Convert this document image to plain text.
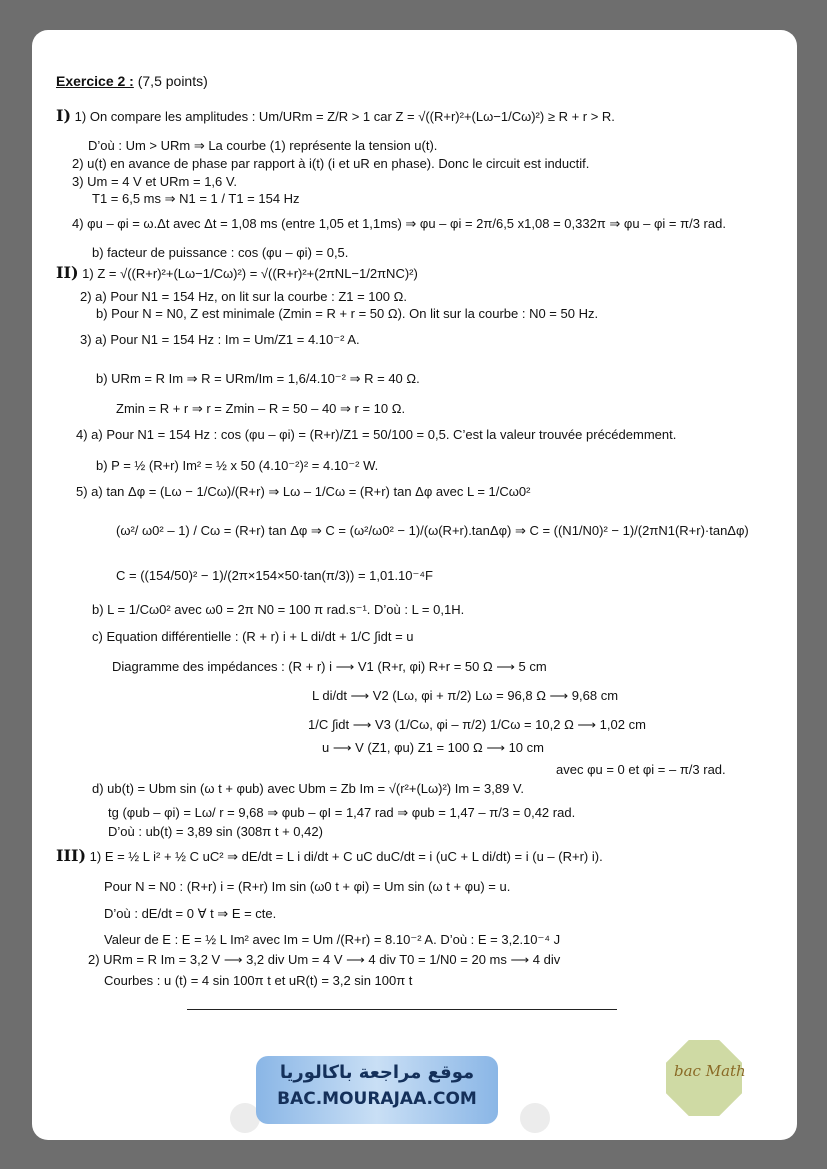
Exercice 2 : (7,5 points)
I) 1) On compare les amplitudes : Um/URm = Z/R > 1 car Z = √((R+r)²+(Lω−1/Cω)²) ≥ R + r > R.
D’où : Um > URm ⇒ La courbe (1) représente la tension u(t).
2) u(t) en avance de phase par rapport à i(t) (i et uR en phase). Donc le circuit est inductif.
3) Um = 4 V et URm = 1,6 V.
T1 = 6,5 ms ⇒ N1 = 1 / T1 = 154 Hz
4) φu – φi = ω.Δt avec Δt = 1,08 ms (entre 1,05 et 1,1ms) ⇒ φu – φi = 2π/6,5 x1,08 = 0,332π ⇒ φu – φi = π/3 rad.
b) facteur de puissance : cos (φu – φi) = 0,5.
II) 1) Z = √((R+r)²+(Lω−1/Cω)²) = √((R+r)²+(2πNL−1/2πNC)²)
2) a) Pour N1 = 154 Hz, on lit sur la courbe : Z1 = 100 Ω.
b) Pour N = N0, Z est minimale (Zmin = R + r = 50 Ω). On lit sur la courbe : N0 = 50 Hz.
3) a) Pour N1 = 154 Hz : Im = Um/Z1 = 4.10⁻² A.
b) URm = R Im ⇒ R = URm/Im = 1,6/4.10⁻² ⇒ R = 40 Ω.
Zmin = R + r ⇒ r = Zmin – R = 50 – 40 ⇒ r = 10 Ω.
4) a) Pour N1 = 154 Hz : cos (φu – φi) = (R+r)/Z1 = 50/100 = 0,5. C’est la valeur trouvée précédemment.
b) P = ½ (R+r) Im² = ½ x 50 (4.10⁻²)² = 4.10⁻² W.
5) a) tan Δφ = (Lω − 1/Cω)/(R+r) ⇒ Lω – 1/Cω = (R+r) tan Δφ avec L = 1/Cω0²
(ω²/ ω0² – 1) / Cω = (R+r) tan Δφ ⇒ C = (ω²/ω0² − 1)/(ω(R+r).tanΔφ) ⇒ C = ((N1/N0)² − 1)/(2πN1(R+r)·tanΔφ)
C = ((154/50)² − 1)/(2π×154×50·tan(π/3)) = 1,01.10⁻⁴F
b) L = 1/Cω0² avec ω0 = 2π N0 = 100 π rad.s⁻¹. D’où : L = 0,1H.
c) Equation différentielle : (R + r) i + L di/dt + 1/C ∫idt = u
Diagramme des impédances : (R + r) i ⟶ V1 (R+r, φi) R+r = 50 Ω ⟶ 5 cm
L di/dt ⟶ V2 (Lω, φi + π/2) Lω = 96,8 Ω ⟶ 9,68 cm
1/C ∫idt ⟶ V3 (1/Cω, φi – π/2) 1/Cω = 10,2 Ω ⟶ 1,02 cm
u ⟶ V (Z1, φu) Z1 = 100 Ω ⟶ 10 cm
avec φu = 0 et φi = – π/3 rad.
d) ub(t) = Ubm sin (ω t + φub) avec Ubm = Zb Im = √(r²+(Lω)²) Im = 3,89 V.
tg (φub – φi) = Lω/ r = 9,68 ⇒ φub – φI = 1,47 rad ⇒ φub = 1,47 – π/3 = 0,42 rad.
D’où : ub(t) = 3,89 sin (308π t + 0,42)
III) 1) E = ½ L i² + ½ C uC² ⇒ dE/dt = L i di/dt + C uC duC/dt = i (uC + L di/dt) = i (u – (R+r) i).
Pour N = N0 : (R+r) i = (R+r) Im sin (ω0 t + φi) = Um sin (ω t + φu) = u.
D’où : dE/dt = 0 ∀ t ⇒ E = cte.
Valeur de E : E = ½ L Im² avec Im = Um /(R+r) = 8.10⁻² A. D’où : E = 3,2.10⁻⁴ J
2) URm = R Im = 3,2 V ⟶ 3,2 div Um = 4 V ⟶ 4 div T0 = 1/N0 = 20 ms ⟶ 4 div
Courbes : u (t) = 4 sin 100π t et uR(t) = 3,2 sin 100π t
موقع مراجعة باكالوريا
BAC.MOURAJAA.COM
bac Math
